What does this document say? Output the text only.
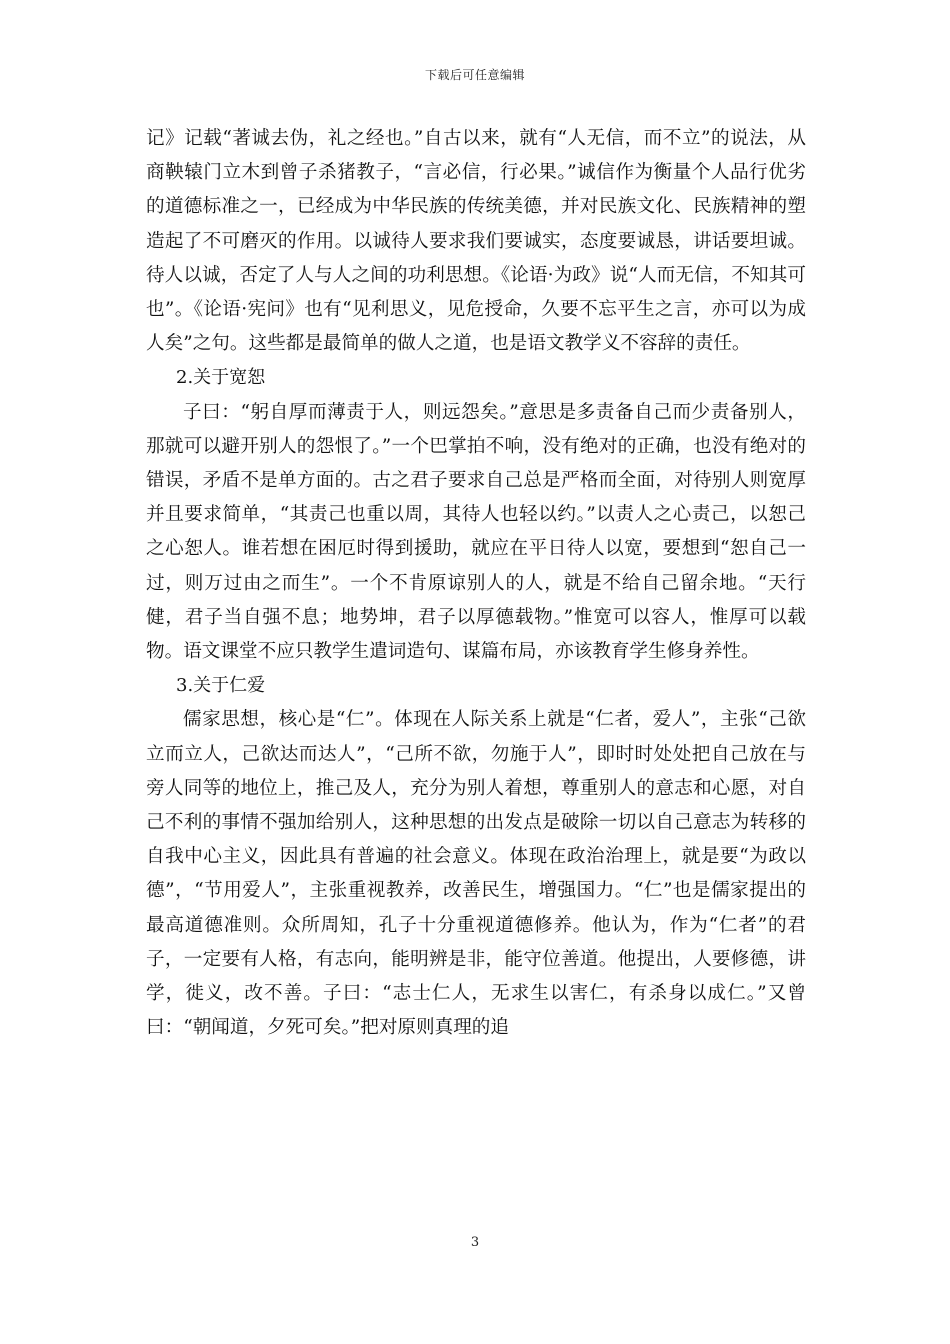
下载后可任意编辑

记》记载“著诚去伪，礼之经也。”自古以来，就有“人无信，而不立”的说法，从商鞅辕门立木到曾子杀猪教子，“言必信，行必果。”诚信作为衡量个人品行优劣的道德标准之一，已经成为中华民族的传统美德，并对民族文化、民族精神的塑造起了不可磨灭的作用。以诚待人要求我们要诚实，态度要诚恳，讲话要坦诚。待人以诚，否定了人与人之间的功利思想。《论语·为政》说“人而无信，不知其可也”。《论语·宪问》也有“见利思义，见危授命，久要不忘平生之言，亦可以为成人矣”之句。这些都是最简单的做人之道，也是语文教学义不容辞的责任。

2.关于宽恕

子曰：“躬自厚而薄责于人，则远怨矣。”意思是多责备自己而少责备别人，那就可以避开别人的怨恨了。”一个巴掌拍不响，没有绝对的正确，也没有绝对的错误，矛盾不是单方面的。古之君子要求自己总是严格而全面，对待别人则宽厚并且要求简单，“其责己也重以周，其待人也轻以约。”以责人之心责己，以恕己之心恕人。谁若想在困厄时得到援助，就应在平日待人以宽，要想到“恕自己一过，则万过由之而生”。一个不肯原谅别人的人，就是不给自己留余地。“天行健，君子当自强不息；地势坤，君子以厚德载物。”惟宽可以容人，惟厚可以载物。语文课堂不应只教学生遣词造句、谋篇布局，亦该教育学生修身养性。

3.关于仁爱

儒家思想，核心是“仁”。体现在人际关系上就是“仁者，爱人”，主张“己欲立而立人，己欲达而达人”，“己所不欲，勿施于人”，即时时处处把自己放在与旁人同等的地位上，推己及人，充分为别人着想，尊重别人的意志和心愿，对自己不利的事情不强加给别人，这种思想的出发点是破除一切以自己意志为转移的自我中心主义，因此具有普遍的社会意义。体现在政治治理上，就是要“为政以德”，“节用爱人”，主张重视教养，改善民生，增强国力。“仁”也是儒家提出的最高道德准则。众所周知，孔子十分重视道德修养。他认为，作为“仁者”的君子，一定要有人格，有志向，能明辨是非，能守位善道。他提出，人要修德，讲学，徙义，改不善。子曰：“志士仁人，无求生以害仁，有杀身以成仁。”又曾曰：“朝闻道，夕死可矣。”把对原则真理的追

3
